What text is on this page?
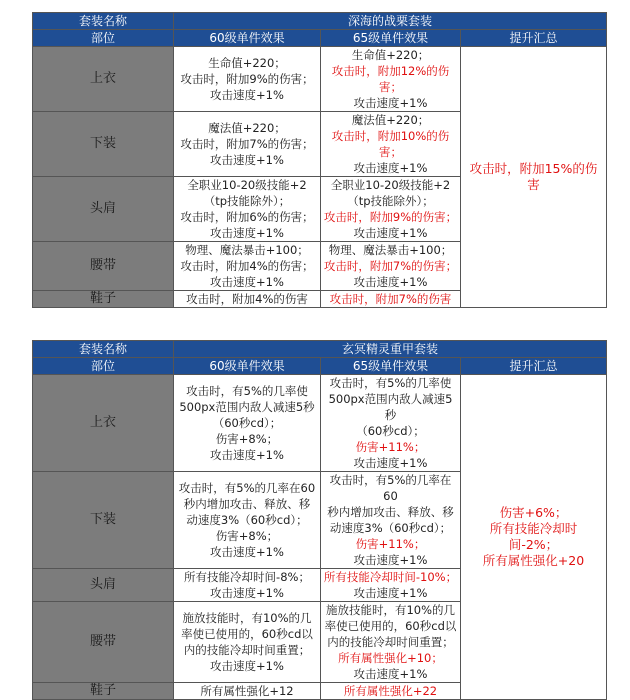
套装名称	深海的战栗套装		
部位	60级单件效果	65级单件效果	提升汇总
上衣	生命值+220；
攻击时，附加9%的伤害；
攻击速度+1%	生命值+220；
攻击时，附加12%的伤
害；
攻击速度+1%	攻击时，附加15%的伤
害

下装	魔法值+220；
攻击时，附加7%的伤害；
攻击速度+1%	魔法值+220；
攻击时，附加10%的伤
害；
攻击速度+1%	

头肩	全职业10-20级技能+2
（tp技能除外）；
攻击时，附加6%的伤害；
攻击速度+1%	全职业10-20级技能+2
（tp技能除外）；
攻击时，附加9%的伤害；
攻击速度+1%	

腰带	物理、魔法暴击+100；
攻击时，附加4%的伤害；
攻击速度+1%	物理、魔法暴击+100；
攻击时，附加7%的伤害；
攻击速度+1%	

鞋子	攻击时，附加4%的伤害	攻击时，附加7%的伤害	
套装名称	玄冥精灵重甲套装		
部位	60级单件效果	65级单件效果	提升汇总
上衣	攻击时，有5%的几率使
500px范围内敌人减速5秒
（60秒cd）；
伤害+8%；
攻击速度+1%	攻击时，有5%的几率使
500px范围内敌人减速5秒
（60秒cd）；
伤害+11%；
攻击速度+1%	伤害+6%；
所有技能冷却时
间-2%；
所有属性强化+20

下装	攻击时，有5%的几率在60
秒内增加攻击、释放、移
动速度3%（60秒cd）；
伤害+8%；
攻击速度+1%	攻击时，有5%的几率在60
秒内增加攻击、释放、移
动速度3%（60秒cd）；
伤害+11%；
攻击速度+1%	

头肩	所有技能冷却时间-8%；
攻击速度+1%	所有技能冷却时间-10%；
攻击速度+1%	

腰带	施放技能时，有10%的几
率使已使用的，60秒cd以
内的技能冷却时间重置；
攻击速度+1%	施放技能时，有10%的几
率使已使用的，60秒cd以
内的技能冷却时间重置；
所有属性强化+10；
攻击速度+1%	

鞋子	所有属性强化+12	所有属性强化+22	
